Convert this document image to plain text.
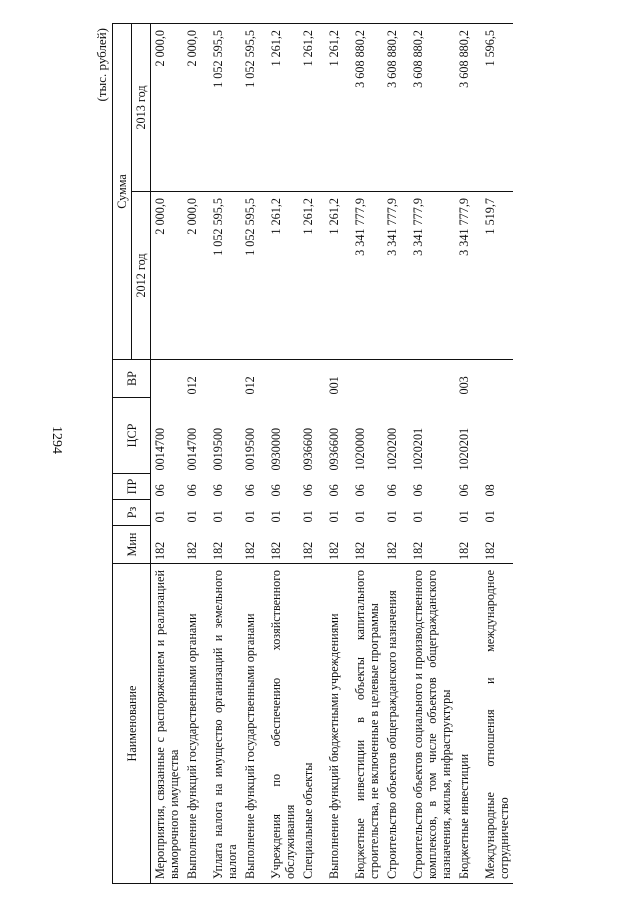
1294
(тыс. рублей)
Наименование	Мин	Рз	ПР	ЦСР	ВР	Сумма	
						2012 год	2013 год
Мероприятия, связанные с распоряжением и реализацией выморочного имущества	182	01	06	0014700		2 000,0	2 000,0
Выполнение функций государственными органами	182	01	06	0014700	012	2 000,0	2 000,0
Уплата налога на имущество организаций и земельного налога	182	01	06	0019500		1 052 595,5	1 052 595,5
Выполнение функций государственными органами	182	01	06	0019500	012	1 052 595,5	1 052 595,5
Учреждения по обеспечению хозяйственного обслуживания	182	01	06	0930000		1 261,2	1 261,2
Специальные объекты	182	01	06	0936600		1 261,2	1 261,2
Выполнение функций бюджетными учреждениями	182	01	06	0936600	001	1 261,2	1 261,2
Бюджетные инвестиции в объекты капитального строительства, не включенные в целевые программы	182	01	06	1020000		3 341 777,9	3 608 880,2
Строительство объектов общегражданского назначения	182	01	06	1020200		3 341 777,9	3 608 880,2
Строительство объектов социального и производственного комплексов, в том числе объектов общегражданского назначения, жилья, инфраструктуры	182	01	06	1020201		3 341 777,9	3 608 880,2
Бюджетные инвестиции	182	01	06	1020201	003	3 341 777,9	3 608 880,2
Международные отношения и международное сотрудничество	182	01	08			1 519,7	1 596,5
